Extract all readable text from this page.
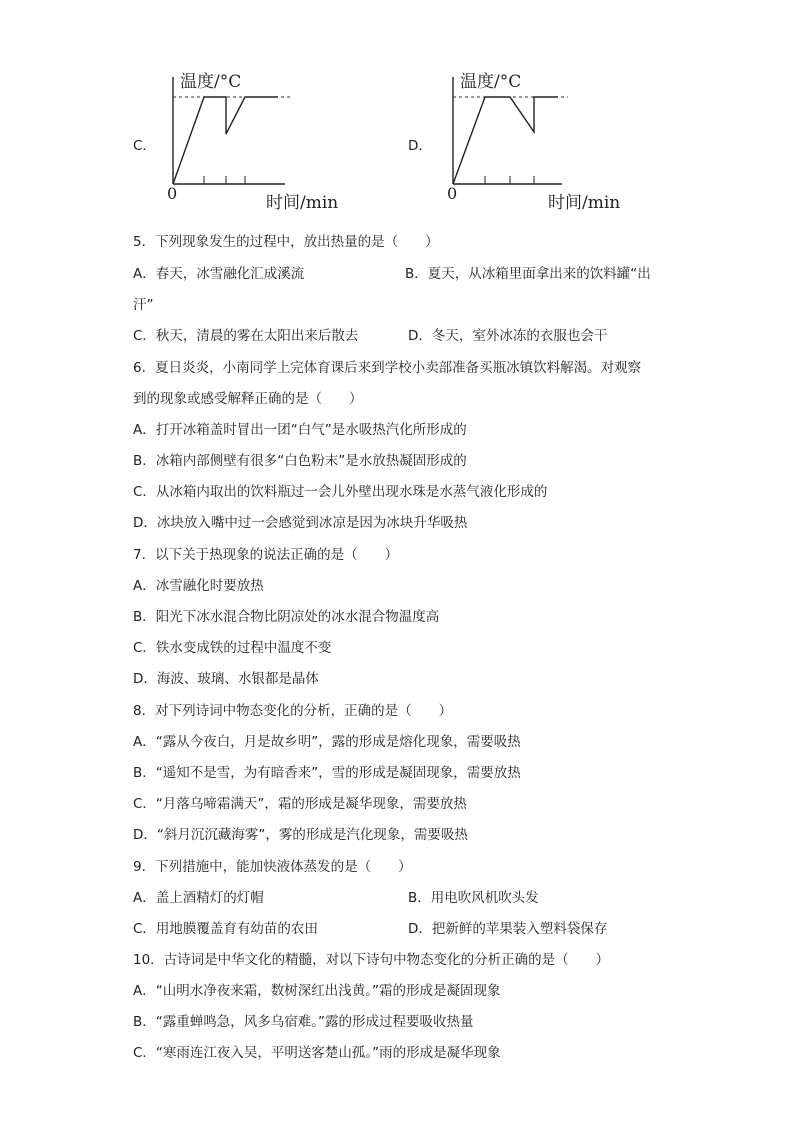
C．
温度/°C
时间/min
0
D．
温度/°C
时间/min
0
5．下列现象发生的过程中，放出热量的是（　　）
A．春天，冰雪融化汇成溪流	B．夏天，从冰箱里面拿出来的饮料罐“出
汗”
C．秋天，清晨的雾在太阳出来后散去	D．冬天，室外冰冻的衣服也会干
6．夏日炎炎，小南同学上完体育课后来到学校小卖部准备买瓶冰镇饮料解渴。对观察
到的现象或感受解释正确的是（　　）
A．打开冰箱盖时冒出一团“白气”是水吸热汽化所形成的
B．冰箱内部侧壁有很多“白色粉末”是水放热凝固形成的
C．从冰箱内取出的饮料瓶过一会儿外壁出现水珠是水蒸气液化形成的
D．冰块放入嘴中过一会感觉到冰凉是因为冰块升华吸热
7．以下关于热现象的说法正确的是（　　）
A．冰雪融化时要放热
B．阳光下冰水混合物比阴凉处的冰水混合物温度高
C．铁水变成铁的过程中温度不变
D．海波、玻璃、水银都是晶体
8．对下列诗词中物态变化的分析，正确的是（　　）
A．“露从今夜白，月是故乡明”，露的形成是熔化现象，需要吸热
B．“遥知不是雪，为有暗香来”，雪的形成是凝固现象，需要放热
C．“月落乌啼霜满天”，霜的形成是凝华现象，需要放热
D．“斜月沉沉藏海雾”，雾的形成是汽化现象，需要吸热
9．下列措施中，能加快液体蒸发的是（　　）
A．盖上酒精灯的灯帽	B．用电吹风机吹头发
C．用地膜覆盖育有幼苗的农田	D．把新鲜的苹果装入塑料袋保存
10．古诗词是中华文化的精髓，对以下诗句中物态变化的分析正确的是（　　）
A．“山明水净夜来霜，数树深红出浅黄。”霜的形成是凝固现象
B．“露重蝉鸣急，风多乌宿难。”露的形成过程要吸收热量
C．“寒雨连江夜入吴，平明送客楚山孤。”雨的形成是凝华现象
